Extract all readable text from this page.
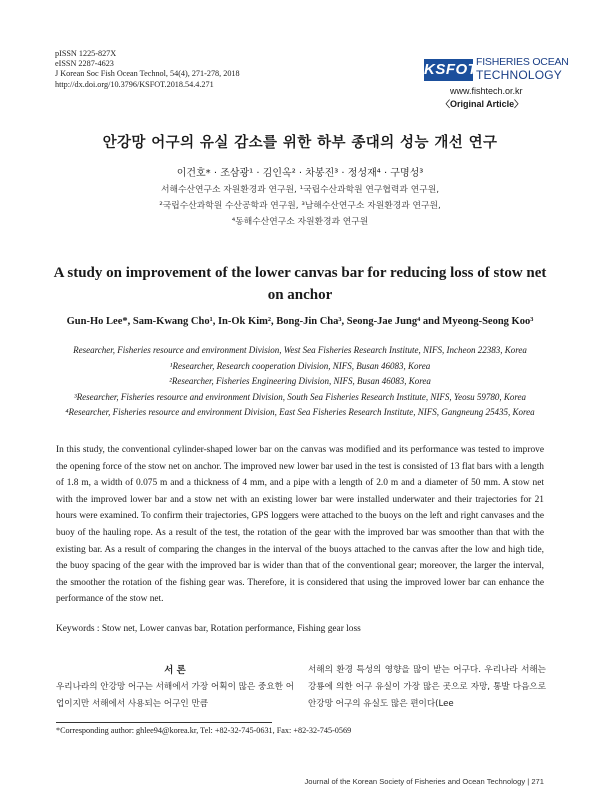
pISSN 1225-827X
eISSN 2287-4623
J Korean Soc Fish Ocean Technol, 54(4), 271-278, 2018
http://dx.doi.org/10.3796/KSFOT.2018.54.4.271
KSFOT
FISHERIES OCEAN
TECHNOLOGY
www.fishtech.or.kr
〈Original Article〉
안강망 어구의 유실 감소를 위한 하부 종대의 성능 개선 연구
이건호* · 조삼광¹ · 김인옥² · 차봉진³ · 정성재⁴ · 구명성³
서해수산연구소 자원환경과 연구원, ¹국립수산과학원 연구협력과 연구원,
²국립수산과학원 수산공학과 연구원, ³남해수산연구소 자원환경과 연구원,
⁴동해수산연구소 자원환경과 연구원
A study on improvement of the lower canvas bar for reducing loss of stow net on anchor
Gun-Ho Lee*, Sam-Kwang Cho¹, In-Ok Kim², Bong-Jin Cha³, Seong-Jae Jung⁴ and Myeong-Seong Koo³
Researcher, Fisheries resource and environment Division, West Sea Fisheries Research Institute, NIFS, Incheon 22383, Korea
¹Researcher, Research cooperation Division, NIFS, Busan 46083, Korea
²Researcher, Fisheries Engineering Division, NIFS, Busan 46083, Korea
³Researcher, Fisheries resource and environment Division, South Sea Fisheries Research Institute, NIFS, Yeosu 59780, Korea
⁴Researcher, Fisheries resource and environment Division, East Sea Fisheries Research Institute, NIFS, Gangneung 25435, Korea
In this study, the conventional cylinder-shaped lower bar on the canvas was modified and its performance was tested to improve the opening force of the stow net on anchor. The improved new lower bar used in the test is consisted of 13 flat bars with a length of 1.8 m, a width of 0.075 m and a thickness of 4 mm, and a pipe with a length of 2.0 m and a diameter of 50 mm. A stow net with the improved lower bar and a stow net with an existing lower bar were installed underwater and their trajectories for 21 hours were examined. To confirm their trajectories, GPS loggers were attached to the buoys on the left and right canvases and the buoy of the hauling rope. As a result of the test, the rotation of the gear with the improved bar was smoother than that with the existing bar. As a result of comparing the changes in the interval of the buoys attached to the canvas after the low and high tide, the buoy spacing of the gear with the improved bar is wider than that of the conventional gear; moreover, the larger the interval, the smoother the rotation of the fishing gear was. Therefore, it is considered that using the improved lower bar can enhance the performance of the stow net.
Keywords : Stow net, Lower canvas bar, Rotation performance, Fishing gear loss
서 론

우리나라의 안강망 어구는 서해에서 가장 어획이 많은 중요한 어업이지만 서해에서 사용되는 어구인 만큼

서해의 환경 특성의 영향을 많이 받는 어구다. 우리나라 서해는 강룡에 의한 어구 유실이 가장 많은 곳으로 자망, 통발 다음으로 안강망 어구의 유실도 많은 편이다(Lee

*Corresponding author: ghlee94@korea.kr, Tel: +82-32-745-0631, Fax: +82-32-745-0569
Journal of the Korean Society of Fisheries and Ocean Technology | 271
